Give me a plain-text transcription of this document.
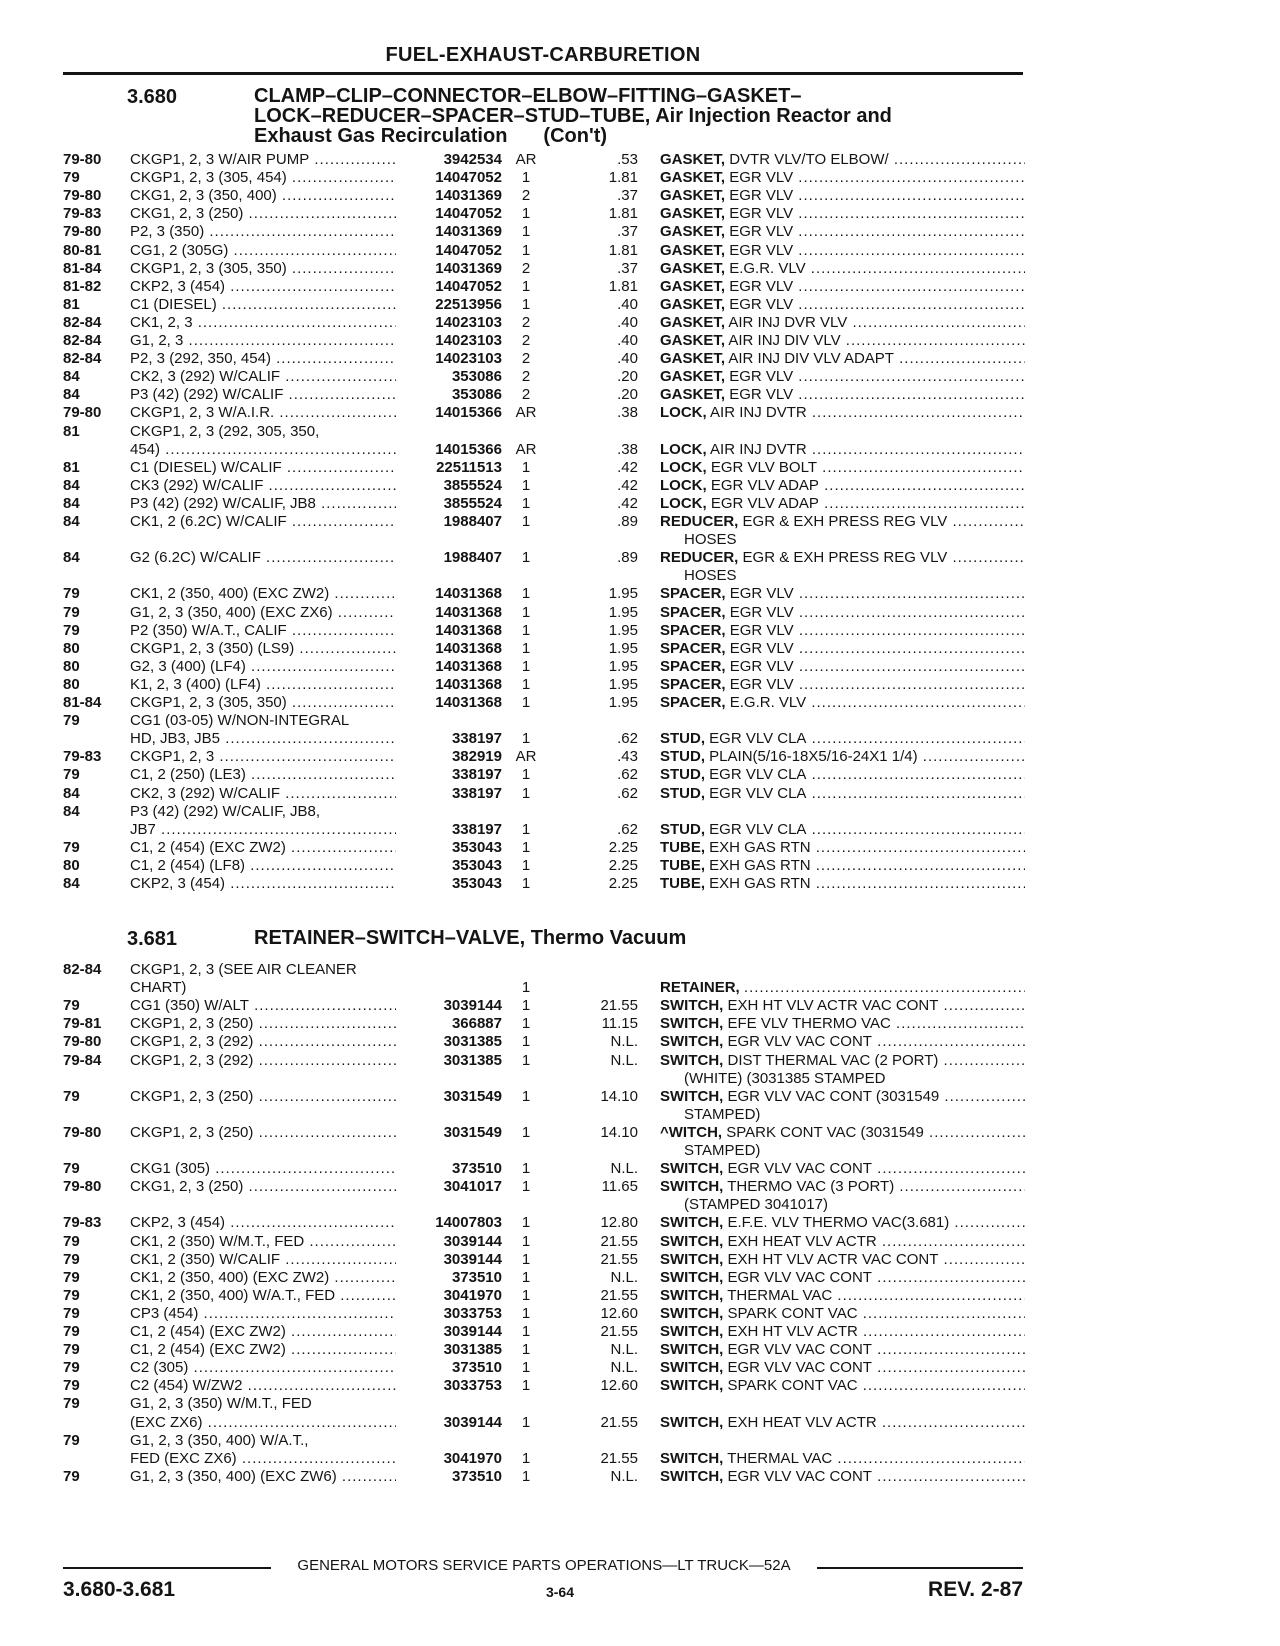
FUEL-EXHAUST-CARBURETION
3.680	CLAMP–CLIP–CONNECTOR–ELBOW–FITTING–GASKET–
LOCK–REDUCER–SPACER–STUD–TUBE, Air Injection Reactor and
Exhaust Gas Recirculation (Con't)
79-80 CKGP1, 2, 3 W/AIR PUMP .....	3942534 AR	.53 GASKET, DVTR VLV/TO ELBOW/ .....
79	CKGP1, 2, 3 (305, 454) .....	14047052	1	1.81 GASKET, EGR VLV .....
79-80 CKG1, 2, 3 (350, 400) .....	14031369	2	.37 GASKET, EGR VLV .....
79-83 CKG1, 2, 3 (250) .....	14047052	1	1.81 GASKET, EGR VLV .....
79-80 P2, 3 (350) .....	14031369	1	.37 GASKET, EGR VLV .....
80-81 CG1, 2 (305G) .....	14047052	1	1.81 GASKET, EGR VLV .....
81-84 CKGP1, 2, 3 (305, 350) .....	14031369	2	.37 GASKET, E.G.R. VLV .....
81-82 CKP2, 3 (454) .....	14047052	1	1.81 GASKET, EGR VLV .....
81	C1 (DIESEL) .....	22513956	1	.40 GASKET, EGR VLV .....
82-84 CK1, 2, 3 .....	14023103	2	.40 GASKET, AIR INJ DVR VLV .....
82-84 G1, 2, 3 .....	14023103	2	.40 GASKET, AIR INJ DIV VLV .....
82-84 P2, 3 (292, 350, 454) .....	14023103	2	.40 GASKET, AIR INJ DIV VLV ADAPT .....
84	CK2, 3 (292) W/CALIF .....	353086	2	.20 GASKET, EGR VLV .....
84	P3 (42) (292) W/CALIF .....	353086	2	.20 GASKET, EGR VLV .....
79-80 CKGP1, 2, 3 W/A.I.R. .....	14015366 AR	.38 LOCK, AIR INJ DVTR .....
81	CKGP1, 2, 3 (292, 305, 350,
454) .....	14015366 AR	.38 LOCK, AIR INJ DVTR .....
81	C1 (DIESEL) W/CALIF .....	22511513	1	.42 LOCK, EGR VLV BOLT .....
84	CK3 (292) W/CALIF .....	3855524	1	.42 LOCK, EGR VLV ADAP .....
84	P3 (42) (292) W/CALIF, JB8 .....	3855524	1	.42 LOCK, EGR VLV ADAP .....
84	CK1, 2 (6.2C) W/CALIF .....	1988407	1	.89 REDUCER, EGR & EXH PRESS REG VLV .....
HOSES
84	G2 (6.2C) W/CALIF .....	1988407	1	.89 REDUCER, EGR & EXH PRESS REG VLV .....
HOSES
79	CK1, 2 (350, 400) (EXC ZW2) .....	14031368	1	1.95 SPACER, EGR VLV .....
79	G1, 2, 3 (350, 400) (EXC ZX6) .....	14031368	1	1.95 SPACER, EGR VLV .....
79	P2 (350) W/A.T., CALIF .....	14031368	1	1.95 SPACER, EGR VLV .....
80	CKGP1, 2, 3 (350) (LS9) .....	14031368	1	1.95 SPACER, EGR VLV .....
80	G2, 3 (400) (LF4) .....	14031368	1	1.95 SPACER, EGR VLV .....
80	K1, 2, 3 (400) (LF4) .....	14031368	1	1.95 SPACER, EGR VLV .....
81-84 CKGP1, 2, 3 (305, 350) .....	14031368	1	1.95 SPACER, E.G.R. VLV .....
79	CG1 (03-05) W/NON-INTEGRAL
HD, JB3, JB5 .....	338197	1	.62 STUD, EGR VLV CLA .....
79-83 CKGP1, 2, 3 .....	382919 AR	.43 STUD, PLAIN(5/16-18X5/16-24X1 1/4) .....
79	C1, 2 (250) (LE3) .....	338197	1	.62 STUD, EGR VLV CLA .....
84	CK2, 3 (292) W/CALIF .....	338197	1	.62 STUD, EGR VLV CLA .....
84	P3 (42) (292) W/CALIF, JB8,
JB7 .....	338197	1	.62 STUD, EGR VLV CLA .....
79	C1, 2 (454) (EXC ZW2) .....	353043	1	2.25 TUBE, EXH GAS RTN .....
80	C1, 2 (454) (LF8) .....	353043	1	2.25 TUBE, EXH GAS RTN .....
84	CKP2, 3 (454) .....	353043	1	2.25 TUBE, EXH GAS RTN .....
3.681	RETAINER–SWITCH–VALVE, Thermo Vacuum
82-84 CKGP1, 2, 3 (SEE AIR CLEANER
CHART)	1	RETAINER, .....
79	CG1 (350) W/ALT .....	3039144	1	21.55 SWITCH, EXH HT VLV ACTR VAC CONT .....
79-81 CKGP1, 2, 3 (250) .....	366887	1	11.15 SWITCH, EFE VLV THERMO VAC .....
79-80 CKGP1, 2, 3 (292) .....	3031385	1	N.L. SWITCH, EGR VLV VAC CONT .....
79-84 CKGP1, 2, 3 (292) .....	3031385	1	N.L. SWITCH, DIST THERMAL VAC (2 PORT) .....
(WHITE) (3031385 STAMPED
79	CKGP1, 2, 3 (250) .....	3031549	1	14.10 SWITCH, EGR VLV VAC CONT (3031549 .....
STAMPED)
79-80 CKGP1, 2, 3 (250) .....	3031549	1	14.10 ^WITCH, SPARK CONT VAC (3031549 .....
STAMPED)
79	CKG1 (305) .....	373510	1	N.L. SWITCH, EGR VLV VAC CONT .....
79-80 CKG1, 2, 3 (250) .....	3041017	1	11.65 SWITCH, THERMO VAC (3 PORT) .....
(STAMPED 3041017)
79-83 CKP2, 3 (454) .....	14007803	1	12.80 SWITCH, E.F.E. VLV THERMO VAC(3.681) .....
79	CK1, 2 (350) W/M.T., FED .....	3039144	1	21.55 SWITCH, EXH HEAT VLV ACTR .....
79	CK1, 2 (350) W/CALIF .....	3039144	1	21.55 SWITCH, EXH HT VLV ACTR VAC CONT .....
79	CK1, 2 (350, 400) (EXC ZW2) .....	373510	1	N.L. SWITCH, EGR VLV VAC CONT .....
79	CK1, 2 (350, 400) W/A.T., FED .....	3041970	1	21.55 SWITCH, THERMAL VAC .....
79	CP3 (454) .....	3033753	1	12.60 SWITCH, SPARK CONT VAC .....
79	C1, 2 (454) (EXC ZW2) .....	3039144	1	21.55 SWITCH, EXH HT VLV ACTR .....
79	C1, 2 (454) (EXC ZW2) .....	3031385	1	N.L. SWITCH, EGR VLV VAC CONT .....
79	C2 (305) .....	373510	1	N.L. SWITCH, EGR VLV VAC CONT .....
79	C2 (454) W/ZW2 .....	3033753	1	12.60 SWITCH, SPARK CONT VAC .....
79	G1, 2, 3 (350) W/M.T., FED
(EXC ZX6) .....	3039144	1	21.55 SWITCH, EXH HEAT VLV ACTR .....
79	G1, 2, 3 (350, 400) W/A.T.,
FED (EXC ZX6) .....	3041970	1	21.55 SWITCH, THERMAL VAC .....
79	G1, 2, 3 (350, 400) (EXC ZW6) .....	373510	1	N.L. SWITCH, EGR VLV VAC CONT .....
GENERAL MOTORS SERVICE PARTS OPERATIONS—LT TRUCK—52A
3.680-3.681	3-64	REV. 2-87
